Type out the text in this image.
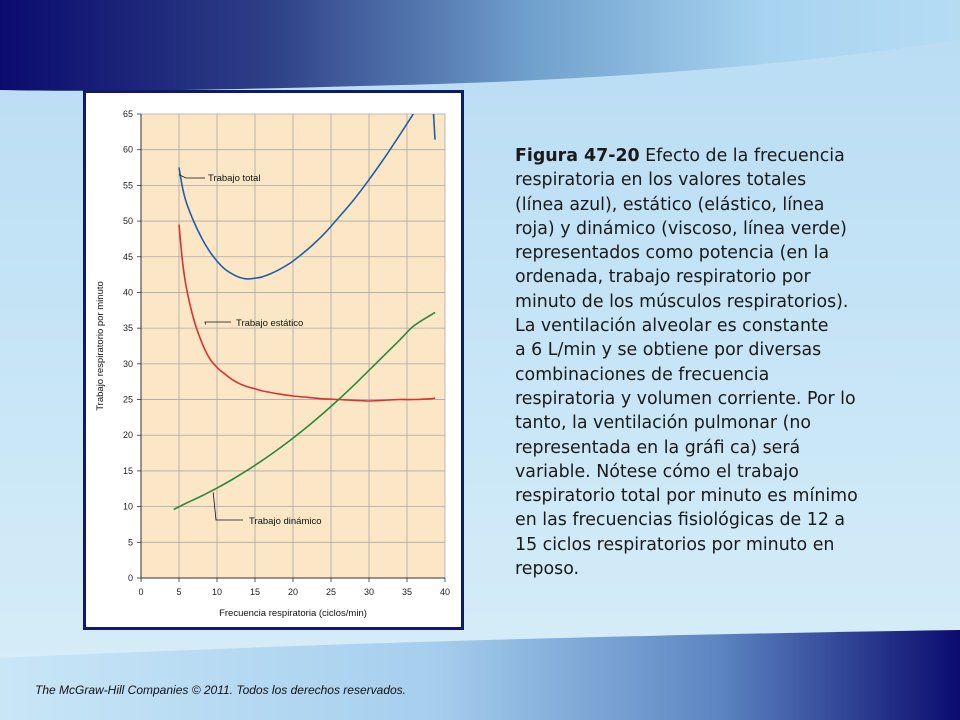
0	5	10	15	20	25	30	35	40
0
5
10
15
20
25
30
35
40
45
50
55
60
65
Trabajo total
Trabajo estático
Trabajo dinámico
Frecuencia respiratoria (ciclos/min)
Trabajo respiratorio por minuto
Figura 47-20 Efecto de la frecuencia
respiratoria en los valores totales
(línea azul), estático (elástico, línea
roja) y dinámico (viscoso, línea verde)
representados como potencia (en la
ordenada, trabajo respiratorio por
minuto de los músculos respiratorios).
La ventilación alveolar es constante
a 6 L/min y se obtiene por diversas
combinaciones de frecuencia
respiratoria y volumen corriente. Por lo
tanto, la ventilación pulmonar (no
representada en la gráfi ca) será
variable. Nótese cómo el trabajo
respiratorio total por minuto es mínimo
en las frecuencias fisiológicas de 12 a
15 ciclos respiratorios por minuto en
reposo.
The McGraw-Hill Companies © 2011. Todos los derechos reservados.
